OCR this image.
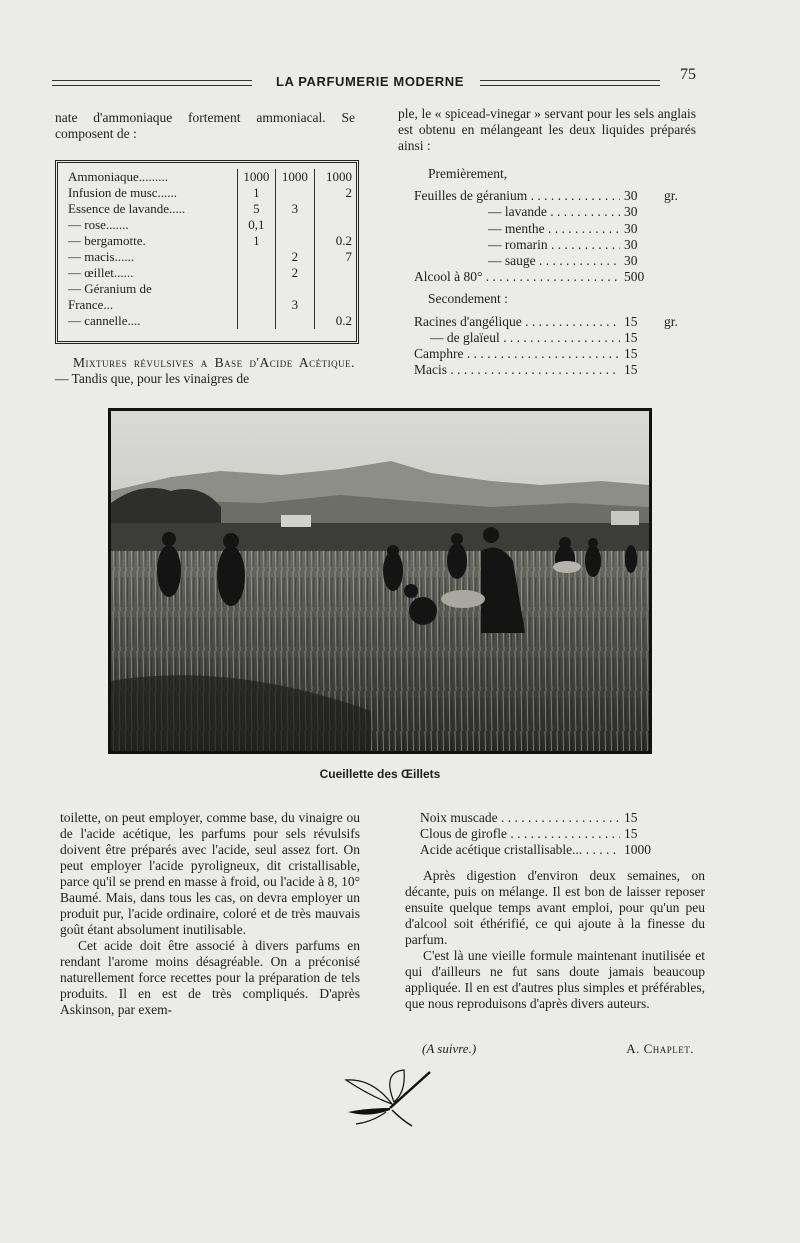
LA PARFUMERIE MODERNE	75

nate d'ammoniaque fortement ammoniacal. Se composent de :

Ammoniaque.........	1000	1000	1000
Infusion de musc......	1		2
Essence de lavande.....	5	3	
— rose.......	0,1		
— bergamotte.	1		0.2
— macis......		2	7
— œillet......		2	
— Géranium de			
France...		3	
— cannelle....			0.2

Mixtures révulsives a Base d'Acide Acétique. — Tandis que, pour les vinaigres de

ple, le « spicead-vinegar » servant pour les sels anglais est obtenu en mélangeant les deux liquides préparés ainsi :

Premièrement,
Feuilles de géranium . . .	30	gr.
— lavande . . .	30
— menthe . . .	30
— romarin . . .	30
— sauge . . .	30
Alcool à 80° . . .	500
Secondement :
Racines d'angélique . . .	15	gr.
— de glaïeul . . .	15
Camphre . . .	15
Macis . . .	15
Cueillette des Œillets

toilette, on peut employer, comme base, du vinaigre ou de l'acide acétique, les parfums pour sels révulsifs doivent être préparés avec l'acide, seul assez fort. On peut employer l'acide pyroligneux, dit cristallisable, parce qu'il se prend en masse à froid, ou l'acide à 8, 10° Baumé. Mais, dans tous les cas, on devra employer un produit pur, l'acide ordinaire, coloré et de très mauvais goût étant absolument inutilisable.

Cet acide doit être associé à divers parfums en rendant l'arome moins désagréable. On a préconisé naturellement force recettes pour la préparation de tels produits. Il en est de très compliqués. D'après Askinson, par exem-

Noix muscade . . .	15
Clous de girofle . . .	15
Acide acétique cristallisable... . . .	1000

Après digestion d'environ deux semaines, on décante, puis on mélange. Il est bon de laisser reposer ensuite quelque temps avant emploi, pour qu'un peu d'alcool soit éthérifié, ce qui ajoute à la finesse du parfum.

C'est là une vieille formule maintenant inutilisée et qui d'ailleurs ne fut sans doute jamais beaucoup appliquée. Il en est d'autres plus simples et préférables, que nous reproduisons d'après divers auteurs.

(A suivre.)	A. Chaplet.
